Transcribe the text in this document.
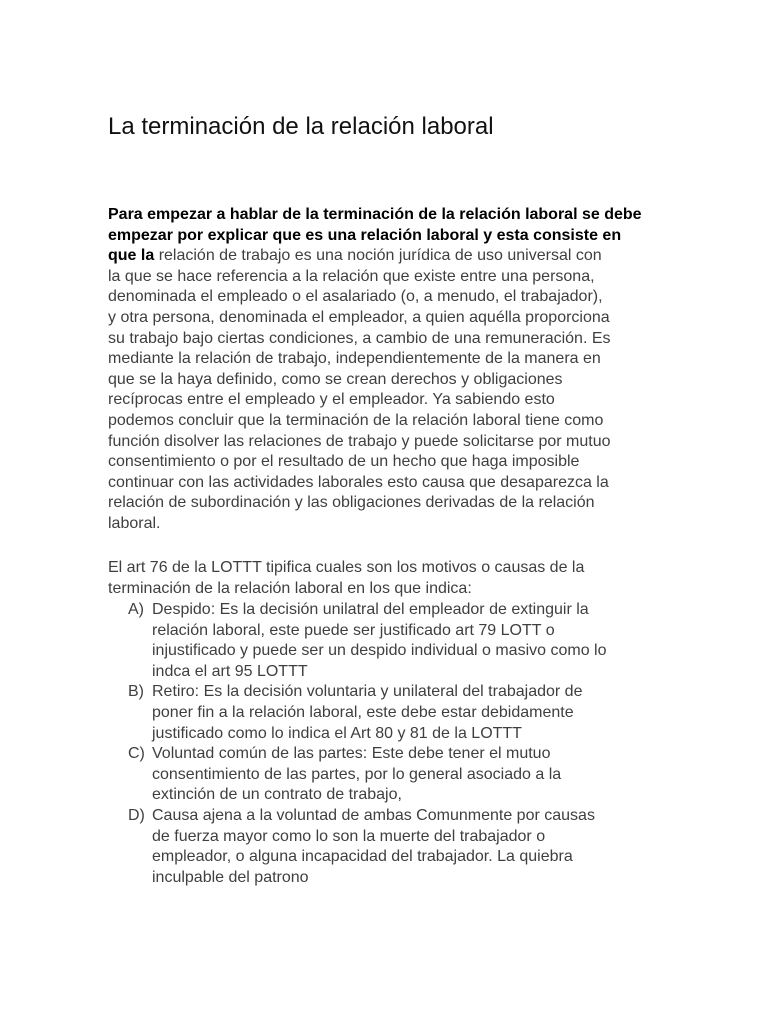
La terminación de la relación laboral
Para empezar a hablar de la terminación de la relación laboral se debe
empezar por explicar que es una relación laboral y esta consiste en
que la relación de trabajo es una noción jurídica de uso universal con
la que se hace referencia a la relación que existe entre una persona,
denominada el empleado o el asalariado (o, a menudo, el trabajador),
y otra persona, denominada el empleador, a quien aquélla proporciona
su trabajo bajo ciertas condiciones, a cambio de una remuneración. Es
mediante la relación de trabajo, independientemente de la manera en
que se la haya definido, como se crean derechos y obligaciones
recíprocas entre el empleado y el empleador. Ya sabiendo esto
podemos concluir que la terminación de la relación laboral tiene como
función disolver las relaciones de trabajo y puede solicitarse por mutuo
consentimiento o por el resultado de un hecho que haga imposible
continuar con las actividades laborales esto causa que desaparezca la
relación de subordinación y las obligaciones derivadas de la relación
laboral.
El art 76 de la LOTTT tipifica cuales son los motivos o causas de la
terminación de la relación laboral en los que indica:
A) Despido: Es la decisión unilatral del empleador de extinguir la
relación laboral, este puede ser justificado art 79 LOTT o
injustificado y puede ser un despido individual o masivo como lo
indca el art 95 LOTTT
B) Retiro: Es la decisión voluntaria y unilateral del trabajador de
poner fin a la relación laboral, este debe estar debidamente
justificado como lo indica el Art 80 y 81 de la LOTTT
C) Voluntad común de las partes: Este debe tener el mutuo
consentimiento de las partes, por lo general asociado a la
extinción de un contrato de trabajo,
D) Causa ajena a la voluntad de ambas Comunmente por causas
de fuerza mayor como lo son la muerte del trabajador o
empleador, o alguna incapacidad del trabajador. La quiebra
inculpable del patrono
